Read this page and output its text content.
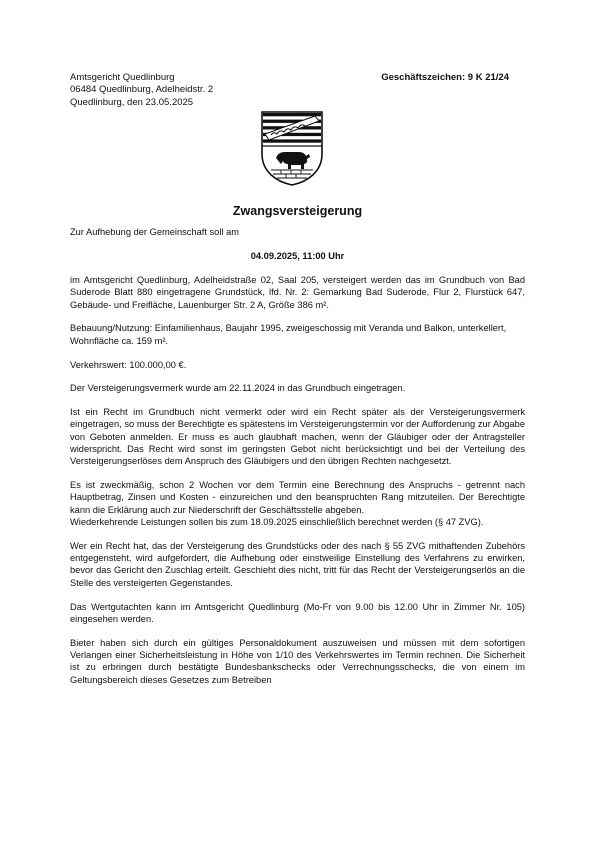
Amtsgericht Quedlinburg
06484 Quedlinburg, Adelheidstr. 2
Quedlinburg, den 23.05.2025
Geschäftszeichen: 9 K 21/24
Zwangsversteigerung

Zur Aufhebung der Gemeinschaft soll am

04.09.2025, 11:00 Uhr

im Amtsgericht Quedlinburg, Adelheidstraße 02, Saal 205, versteigert werden das im Grundbuch von Bad Suderode Blatt 880 eingetragene Grundstück, lfd. Nr. 2: Gemarkung Bad Suderode, Flur 2, Flurstück 647, Gebäude- und Freifläche, Lauenburger Str. 2 A, Größe 386 m².

Bebauung/Nutzung: Einfamilienhaus, Baujahr 1995, zweigeschossig mit Veranda und Balkon, unterkellert, Wohnfläche ca. 159 m².

Verkehrswert: 100.000,00 €.

Der Versteigerungsvermerk wurde am 22.11.2024 in das Grundbuch eingetragen.

Ist ein Recht im Grundbuch nicht vermerkt oder wird ein Recht später als der Versteigerungsvermerk eingetragen, so muss der Berechtigte es spätestens im Versteigerungstermin vor der Aufforderung zur Abgabe von Geboten anmelden. Er muss es auch glaubhaft machen, wenn der Gläubiger oder der Antragsteller widerspricht. Das Recht wird sonst im geringsten Gebot nicht berücksichtigt und bei der Verteilung des Versteigerungserlöses dem Anspruch des Gläubigers und den übrigen Rechten nachgesetzt.

Es ist zweckmäßig, schon 2 Wochen vor dem Termin eine Berechnung des Anspruchs - getrennt nach Hauptbetrag, Zinsen und Kosten - einzureichen und den beanspruchten Rang mitzuteilen. Der Berechtigte kann die Erklärung auch zur Niederschrift der Geschäftsstelle abgeben.

Wiederkehrende Leistungen sollen bis zum 18.09.2025 einschließlich berechnet werden (§ 47 ZVG).

Wer ein Recht hat, das der Versteigerung des Grundstücks oder des nach § 55 ZVG mithaftenden Zubehörs entgegensteht, wird aufgefordert, die Aufhebung oder einstweilige Einstellung des Verfahrens zu erwirken, bevor das Gericht den Zuschlag erteilt. Geschieht dies nicht, tritt für das Recht der Versteigerungserlös an die Stelle des versteigerten Gegenstandes.

Das Wertgutachten kann im Amtsgericht Quedlinburg (Mo-Fr von 9.00 bis 12.00 Uhr in Zimmer Nr. 105) eingesehen werden.

Bieter haben sich durch ein gültiges Personaldokument auszuweisen und müssen mit dem sofortigen Verlangen einer Sicherheitsleistung in Höhe von 1/10 des Verkehrswertes im Termin rechnen. Die Sicherheit ist zu erbringen durch bestätigte Bundesbankschecks oder Verrechnungsschecks, die von einem im Geltungsbereich dieses Gesetzes zum Betreiben
